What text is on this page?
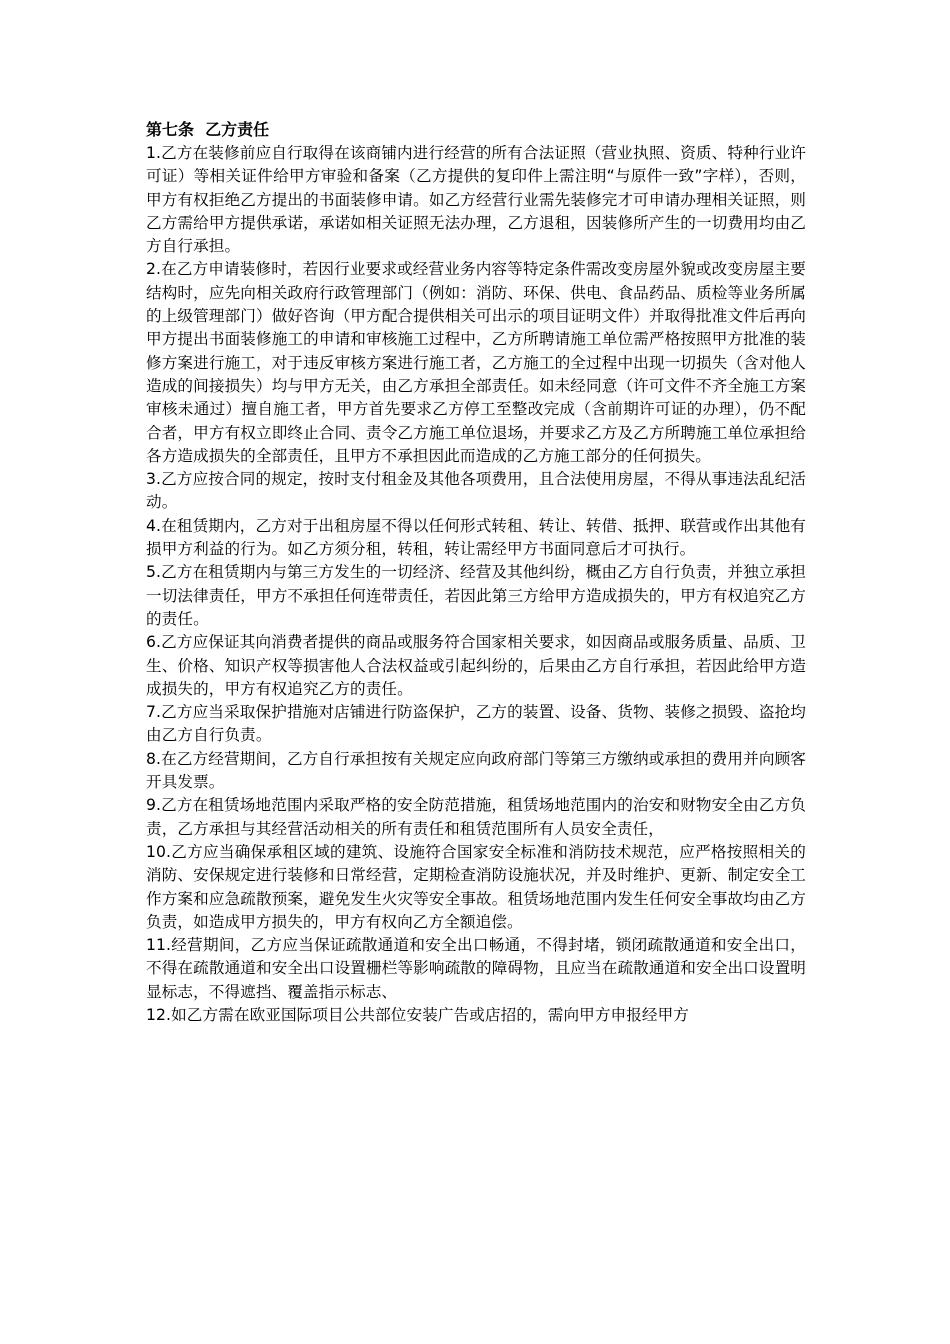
第七条  乙方责任

1.乙方在装修前应自行取得在该商铺内进行经营的所有合法证照（营业执照、资质、特种行业许可证）等相关证件给甲方审验和备案（乙方提供的复印件上需注明“与原件一致”字样），否则，甲方有权拒绝乙方提出的书面装修申请。如乙方经营行业需先装修完才可申请办理相关证照，则乙方需给甲方提供承诺，承诺如相关证照无法办理，乙方退租，因装修所产生的一切费用均由乙方自行承担。

2.在乙方申请装修时，若因行业要求或经营业务内容等特定条件需改变房屋外貌或改变房屋主要结构时，应先向相关政府行政管理部门（例如：消防、环保、供电、食品药品、质检等业务所属的上级管理部门）做好咨询（甲方配合提供相关可出示的项目证明文件）并取得批准文件后再向甲方提出书面装修施工的申请和审核施工过程中，乙方所聘请施工单位需严格按照甲方批准的装修方案进行施工，对于违反审核方案进行施工者，乙方施工的全过程中出现一切损失（含对他人造成的间接损失）均与甲方无关，由乙方承担全部责任。如未经同意（许可文件不齐全施工方案审核未通过）擅自施工者，甲方首先要求乙方停工至整改完成（含前期许可证的办理），仍不配合者，甲方有权立即终止合同、责令乙方施工单位退场，并要求乙方及乙方所聘施工单位承担给各方造成损失的全部责任，且甲方不承担因此而造成的乙方施工部分的任何损失。

3.乙方应按合同的规定，按时支付租金及其他各项费用，且合法使用房屋，不得从事违法乱纪活动。

4.在租赁期内，乙方对于出租房屋不得以任何形式转租、转让、转借、抵押、联营或作出其他有损甲方利益的行为。如乙方须分租，转租，转让需经甲方书面同意后才可执行。

5.乙方在租赁期内与第三方发生的一切经济、经营及其他纠纷，概由乙方自行负责，并独立承担一切法律责任，甲方不承担任何连带责任，若因此第三方给甲方造成损失的，甲方有权追究乙方的责任。

6.乙方应保证其向消费者提供的商品或服务符合国家相关要求，如因商品或服务质量、品质、卫生、价格、知识产权等损害他人合法权益或引起纠纷的，后果由乙方自行承担，若因此给甲方造成损失的，甲方有权追究乙方的责任。

7.乙方应当采取保护措施对店铺进行防盗保护，乙方的装置、设备、货物、装修之损毁、盗抢均由乙方自行负责。

8.在乙方经营期间，乙方自行承担按有关规定应向政府部门等第三方缴纳或承担的费用并向顾客开具发票。

9.乙方在租赁场地范围内采取严格的安全防范措施，租赁场地范围内的治安和财物安全由乙方负责，乙方承担与其经营活动相关的所有责任和租赁范围所有人员安全责任，

10.乙方应当确保承租区域的建筑、设施符合国家安全标准和消防技术规范，应严格按照相关的消防、安保规定进行装修和日常经营，定期检查消防设施状况，并及时维护、更新、制定安全工作方案和应急疏散预案，避免发生火灾等安全事故。租赁场地范围内发生任何安全事故均由乙方负责，如造成甲方损失的，甲方有权向乙方全额追偿。

11.经营期间，乙方应当保证疏散通道和安全出口畅通，不得封堵，锁闭疏散通道和安全出口，不得在疏散通道和安全出口设置栅栏等影响疏散的障碍物，且应当在疏散通道和安全出口设置明显标志，不得遮挡、覆盖指示标志、

12.如乙方需在欧亚国际项目公共部位安装广告或店招的，需向甲方申报经甲方
